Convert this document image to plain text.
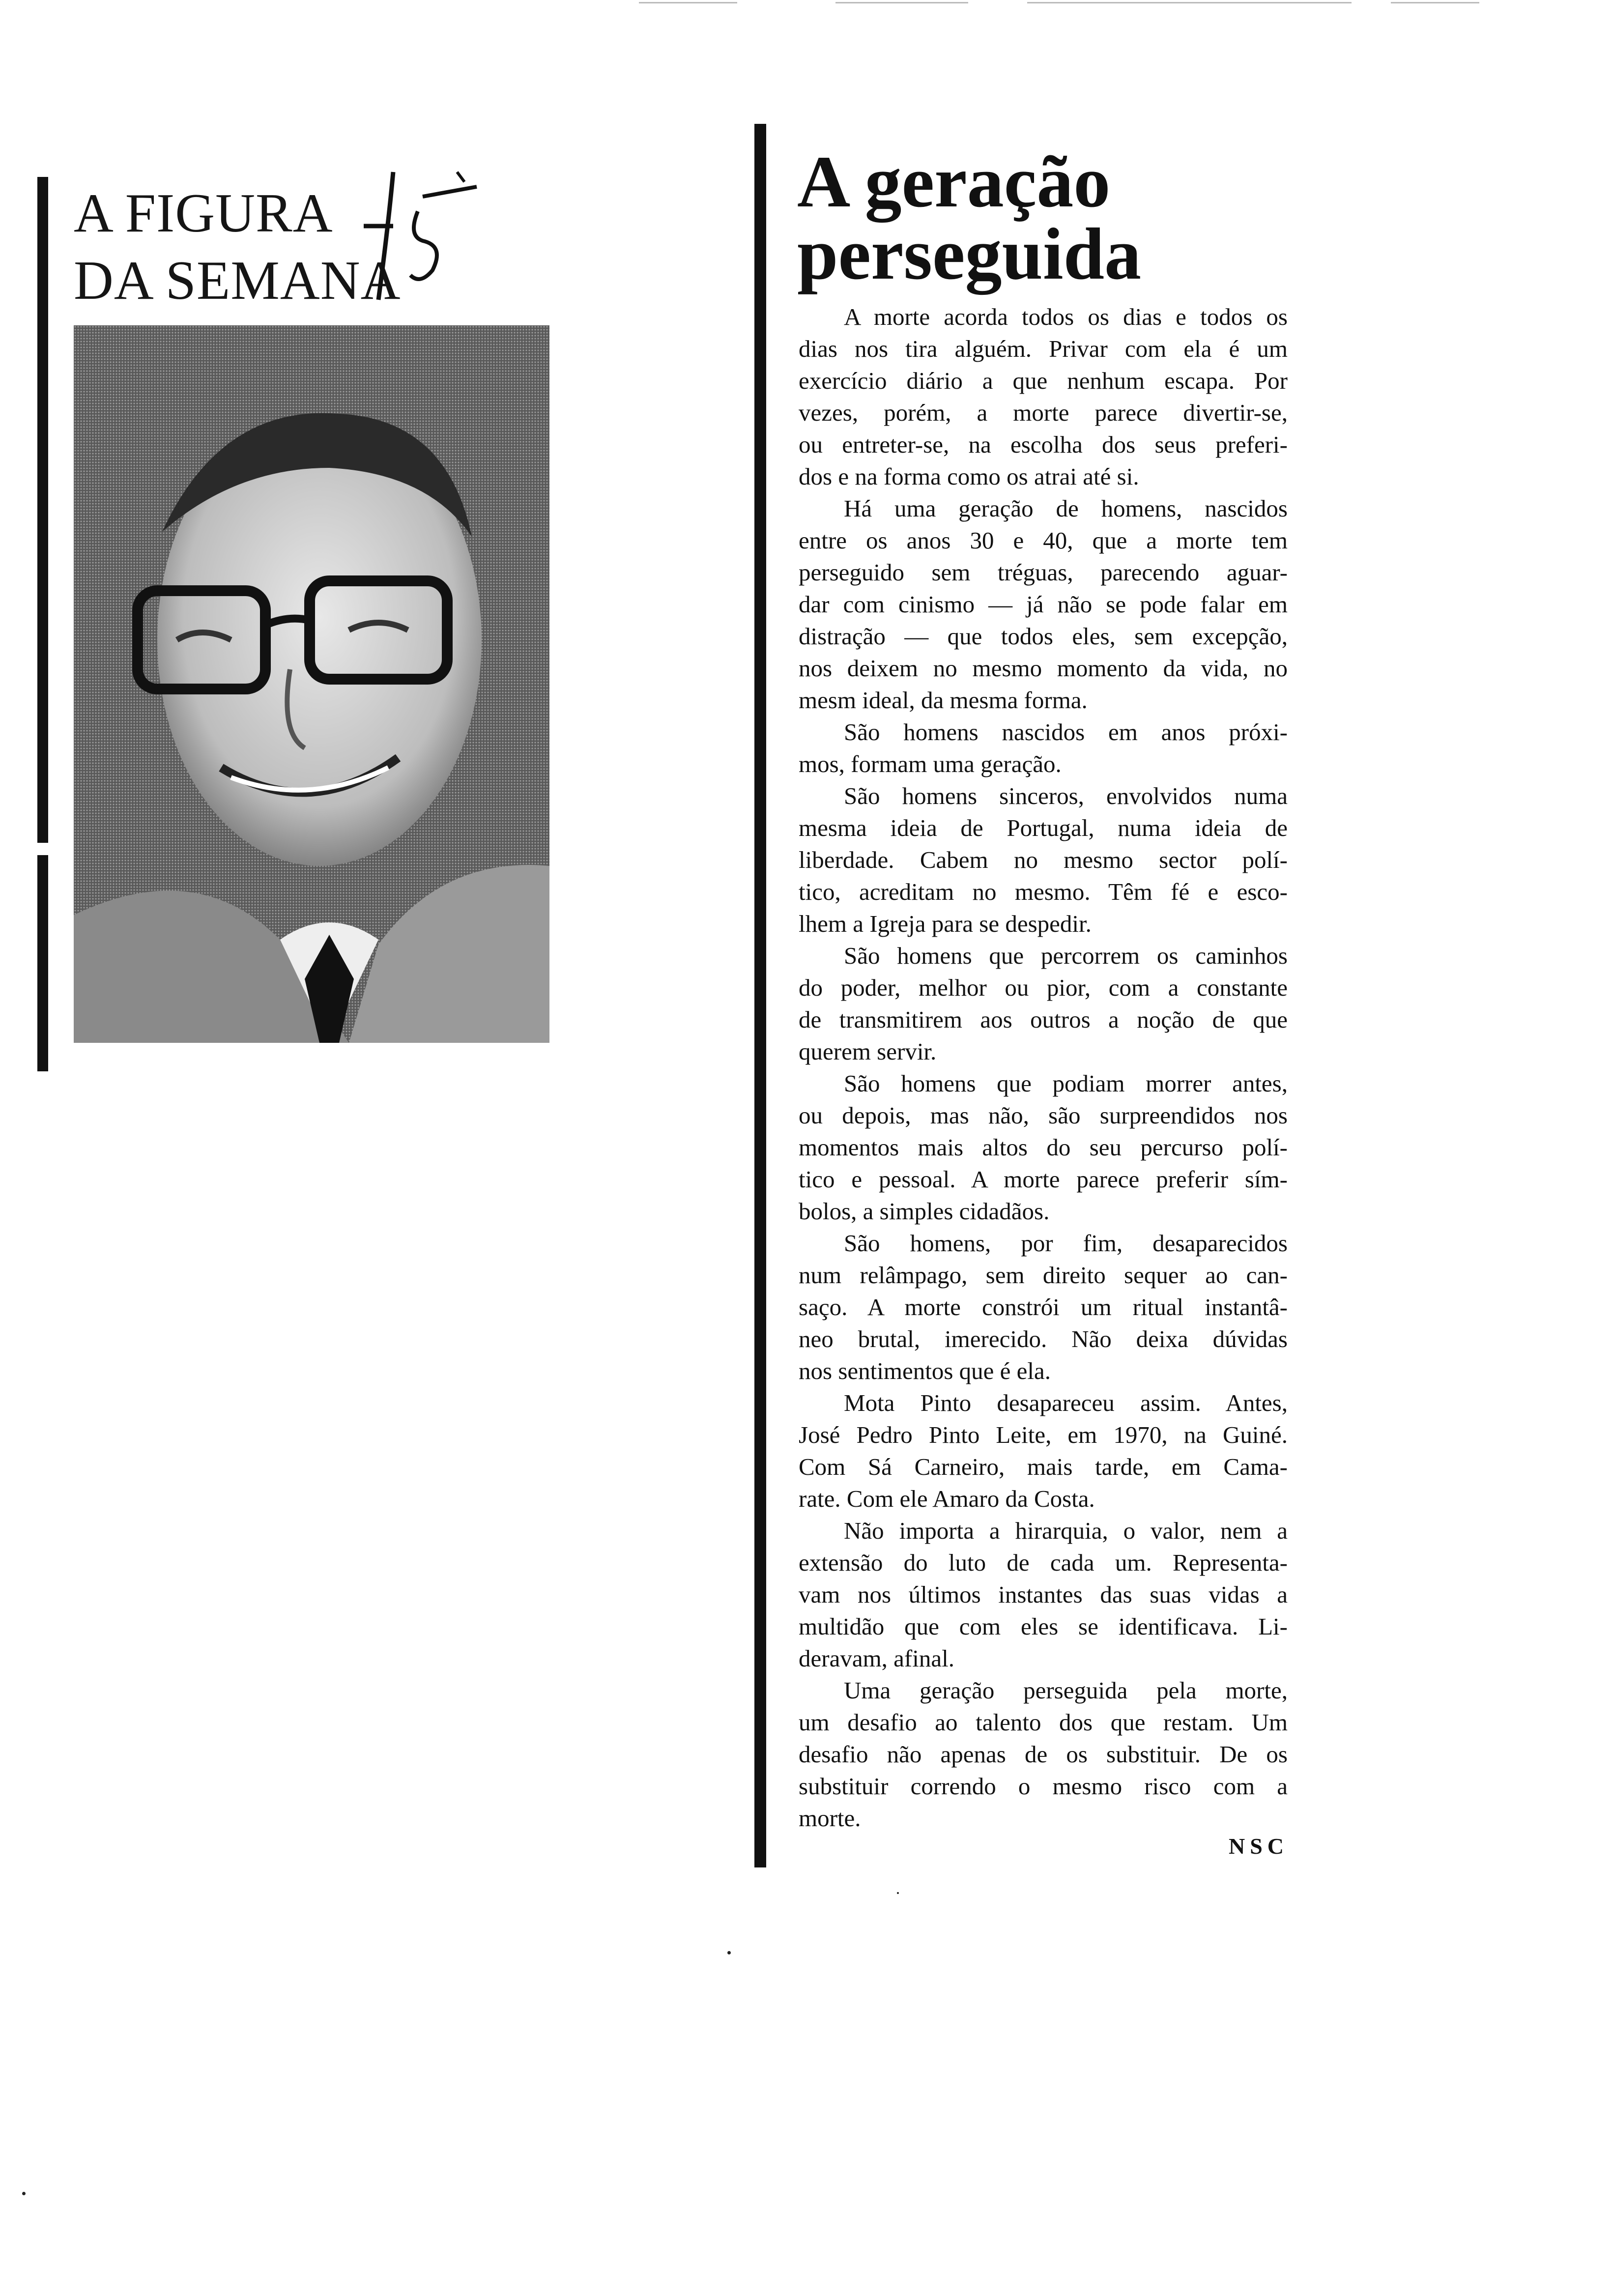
A FIGURA
DA SEMANA
A geração
perseguida
A morte acorda todos os dias e todos os
dias nos tira alguém. Privar com ela é um
exercício diário a que nenhum escapa. Por
vezes, porém, a morte parece divertir-se,
ou entreter-se, na escolha dos seus preferi-
dos e na forma como os atrai até si.
Há uma geração de homens, nascidos
entre os anos 30 e 40, que a morte tem
perseguido sem tréguas, parecendo aguar-
dar com cinismo — já não se pode falar em
distração — que todos eles, sem excepção,
nos deixem no mesmo momento da vida, no
mesm ideal, da mesma forma.
São homens nascidos em anos próxi-
mos, formam uma geração.
São homens sinceros, envolvidos numa
mesma ideia de Portugal, numa ideia de
liberdade. Cabem no mesmo sector polí-
tico, acreditam no mesmo. Têm fé e esco-
lhem a Igreja para se despedir.
São homens que percorrem os caminhos
do poder, melhor ou pior, com a constante
de transmitirem aos outros a noção de que
querem servir.
São homens que podiam morrer antes,
ou depois, mas não, são surpreendidos nos
momentos mais altos do seu percurso polí-
tico e pessoal. A morte parece preferir sím-
bolos, a simples cidadãos.
São homens, por fim, desaparecidos
num relâmpago, sem direito sequer ao can-
saço. A morte constrói um ritual instantâ-
neo brutal, imerecido. Não deixa dúvidas
nos sentimentos que é ela.
Mota Pinto desapareceu assim. Antes,
José Pedro Pinto Leite, em 1970, na Guiné.
Com Sá Carneiro, mais tarde, em Cama-
rate. Com ele Amaro da Costa.
Não importa a hirarquia, o valor, nem a
extensão do luto de cada um. Representa-
vam nos últimos instantes das suas vidas a
multidão que com eles se identificava. Li-
deravam, afinal.
Uma geração perseguida pela morte,
um desafio ao talento dos que restam. Um
desafio não apenas de os substituir. De os
substituir correndo o mesmo risco com a
morte.
NSC
